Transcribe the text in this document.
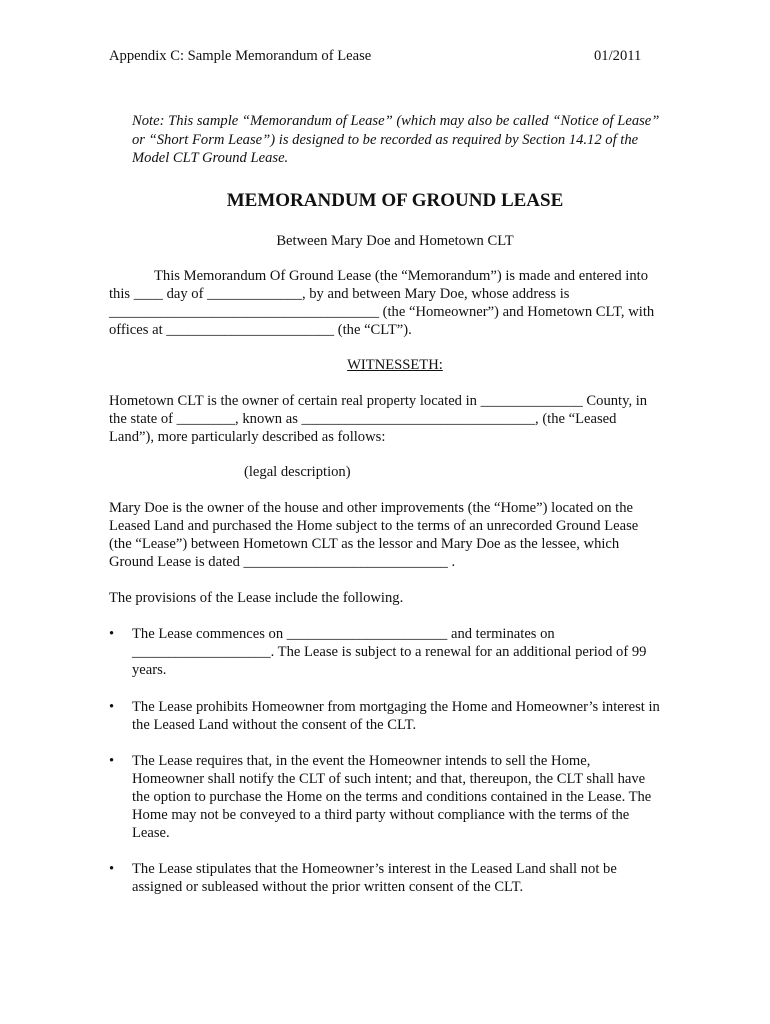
Appendix C: Sample Memorandum of Lease	01/2011
Note: This sample “Memorandum of Lease” (which may also be called “Notice of Lease”
or “Short Form Lease”) is designed to be recorded as required by Section 14.12 of the
Model CLT Ground Lease.
MEMORANDUM OF GROUND LEASE
Between Mary Doe and Hometown CLT
This Memorandum Of Ground Lease (the “Memorandum”) is made and entered into
this ____ day of _____________, by and between Mary Doe, whose address is
_____________________________________ (the “Homeowner”) and Hometown CLT, with
offices at _______________________ (the “CLT”).
WITNESSETH:
Hometown CLT is the owner of certain real property located in ______________ County, in
the state of ________, known as ________________________________, (the “Leased
Land”), more particularly described as follows:
(legal description)
Mary Doe is the owner of the house and other improvements (the “Home”) located on the
Leased Land and purchased the Home subject to the terms of an unrecorded Ground Lease
(the “Lease”) between Hometown CLT as the lessor and Mary Doe as the lessee, which
Ground Lease is dated ____________________________ .
The provisions of the Lease include the following.
•	The Lease commences on ______________________ and terminates on
___________________. The Lease is subject to a renewal for an additional period of 99
years.
•	The Lease prohibits Homeowner from mortgaging the Home and Homeowner’s interest in
the Leased Land without the consent of the CLT.
•	The Lease requires that, in the event the Homeowner intends to sell the Home,
Homeowner shall notify the CLT of such intent; and that, thereupon, the CLT shall have
the option to purchase the Home on the terms and conditions contained in the Lease. The
Home may not be conveyed to a third party without compliance with the terms of the
Lease.
•	The Lease stipulates that the Homeowner’s interest in the Leased Land shall not be
assigned or subleased without the prior written consent of the CLT.
